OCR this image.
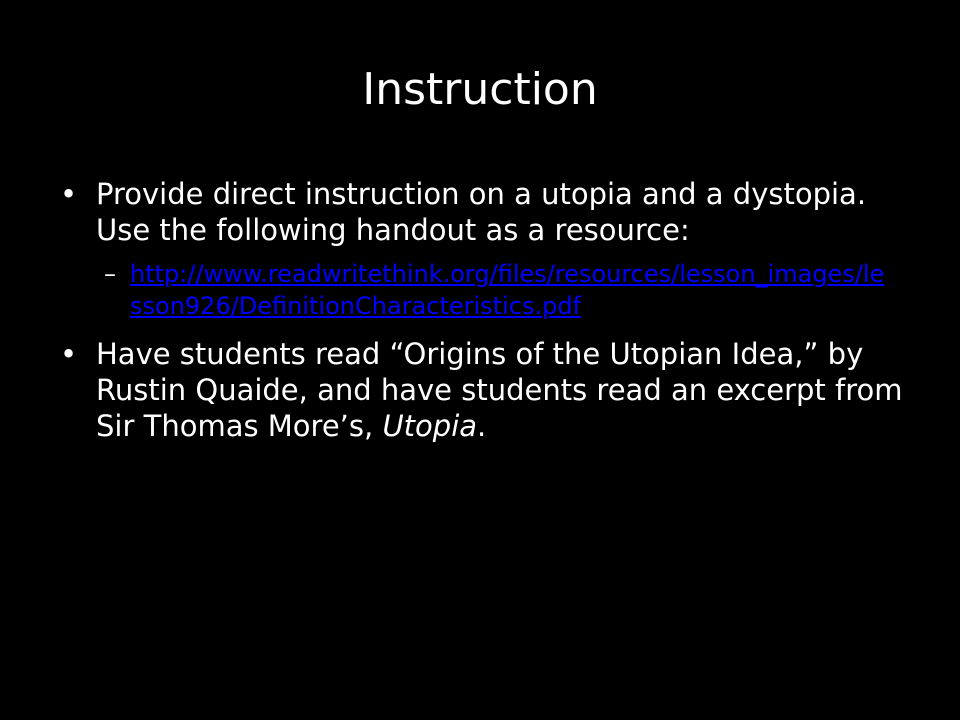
Instruction

• Provide direct instruction on a utopia and a dystopia. Use the following handout as a resource:

– http://www.readwritethink.org/files/resources/lesson_images/lesson926/DefinitionCharacteristics.pdf

• Have students read “Origins of the Utopian Idea,” by Rustin Quaide, and have students read an excerpt from Sir Thomas More’s, Utopia.
